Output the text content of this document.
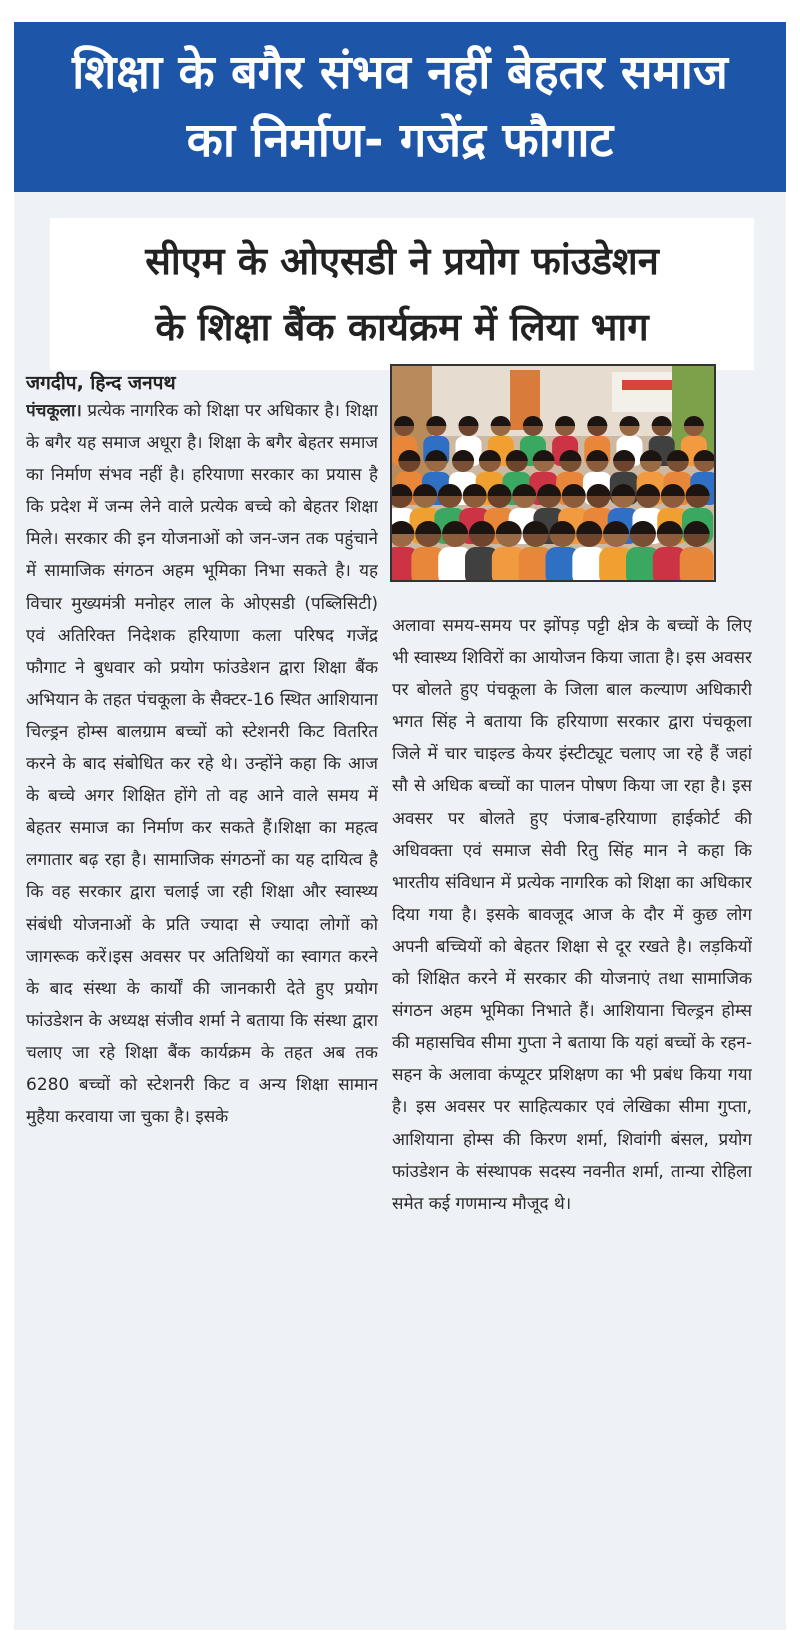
शिक्षा के बगैर संभव नहीं बेहतर समाज
का निर्माण- गजेंद्र फौगाट
सीएम के ओएसडी ने प्रयोग फांउडेशन
के शिक्षा बैंक कार्यक्रम में लिया भाग
जगदीप, हिन्द जनपथ
पंचकूला। प्रत्येक नागरिक को शिक्षा पर अधिकार है। शिक्षा के बगैर यह समाज अधूरा है। शिक्षा के बगैर बेहतर समाज का निर्माण संभव नहीं है। हरियाणा सरकार का प्रयास है कि प्रदेश में जन्म लेने वाले प्रत्येक बच्चे को बेहतर शिक्षा मिले। सरकार की इन योजनाओं को जन-जन तक पहुंचाने में सामाजिक संगठन अहम भूमिका निभा सकते है। यह विचार मुख्यमंत्री मनोहर लाल के ओएसडी (पब्लिसिटी) एवं अतिरिक्त निदेशक हरियाणा कला परिषद गजेंद्र फौगाट ने बुधवार को प्रयोग फांउडेशन द्वारा शिक्षा बैंक अभियान के तहत पंचकूला के सैक्टर-16 स्थित आशियाना चिल्ड्रन होम्स बालग्राम बच्चों को स्टेशनरी किट वितरित करने के बाद संबोधित कर रहे थे। उन्होंने कहा कि आज के बच्चे अगर शिक्षित होंगे तो वह आने वाले समय में बेहतर समाज का निर्माण कर सकते हैं।शिक्षा का महत्व लगातार बढ़ रहा है। सामाजिक संगठनों का यह दायित्व है कि वह सरकार द्वारा चलाई जा रही शिक्षा और स्वास्थ्य संबंधी योजनाओं के प्रति ज्यादा से ज्यादा लोगों को जागरूक करें।इस अवसर पर अतिथियों का स्वागत करने के बाद संस्था के कार्यों की जानकारी देते हुए प्रयोग फांउडेशन के अध्यक्ष संजीव शर्मा ने बताया कि संस्था द्वारा चलाए जा रहे शिक्षा बैंक कार्यक्रम के तहत अब तक 6280 बच्चों को स्टेशनरी किट व अन्य शिक्षा सामान मुहैया करवाया जा चुका है। इसके
अलावा समय-समय पर झोंपड़ पट्टी क्षेत्र के बच्चों के लिए भी स्वास्थ्य शिविरों का आयोजन किया जाता है। इस अवसर पर बोलते हुए पंचकूला के जिला बाल कल्याण अधिकारी भगत सिंह ने बताया कि हरियाणा सरकार द्वारा पंचकूला जिले में चार चाइल्ड केयर इंस्टीट्यूट चलाए जा रहे हैं जहां सौ से अधिक बच्चों का पालन पोषण किया जा रहा है। इस अवसर पर बोलते हुए पंजाब-हरियाणा हाईकोर्ट की अधिवक्ता एवं समाज सेवी रितु सिंह मान ने कहा कि भारतीय संविधान में प्रत्येक नागरिक को शिक्षा का अधिकार दिया गया है। इसके बावजूद आज के दौर में कुछ लोग अपनी बच्चियों को बेहतर शिक्षा से दूर रखते है। लड़कियों को शिक्षित करने में सरकार की योजनाएं तथा सामाजिक संगठन अहम भूमिका निभाते हैं। आशियाना चिल्ड्रन होम्स की महासचिव सीमा गुप्ता ने बताया कि यहां बच्चों के रहन-सहन के अलावा कंप्यूटर प्रशिक्षण का भी प्रबंध किया गया है। इस अवसर पर साहित्यकार एवं लेखिका सीमा गुप्ता, आशियाना होम्स की किरण शर्मा, शिवांगी बंसल, प्रयोग फांउडेशन के संस्थापक सदस्य नवनीत शर्मा, तान्या रोहिला समेत कई गणमान्य मौजूद थे।
